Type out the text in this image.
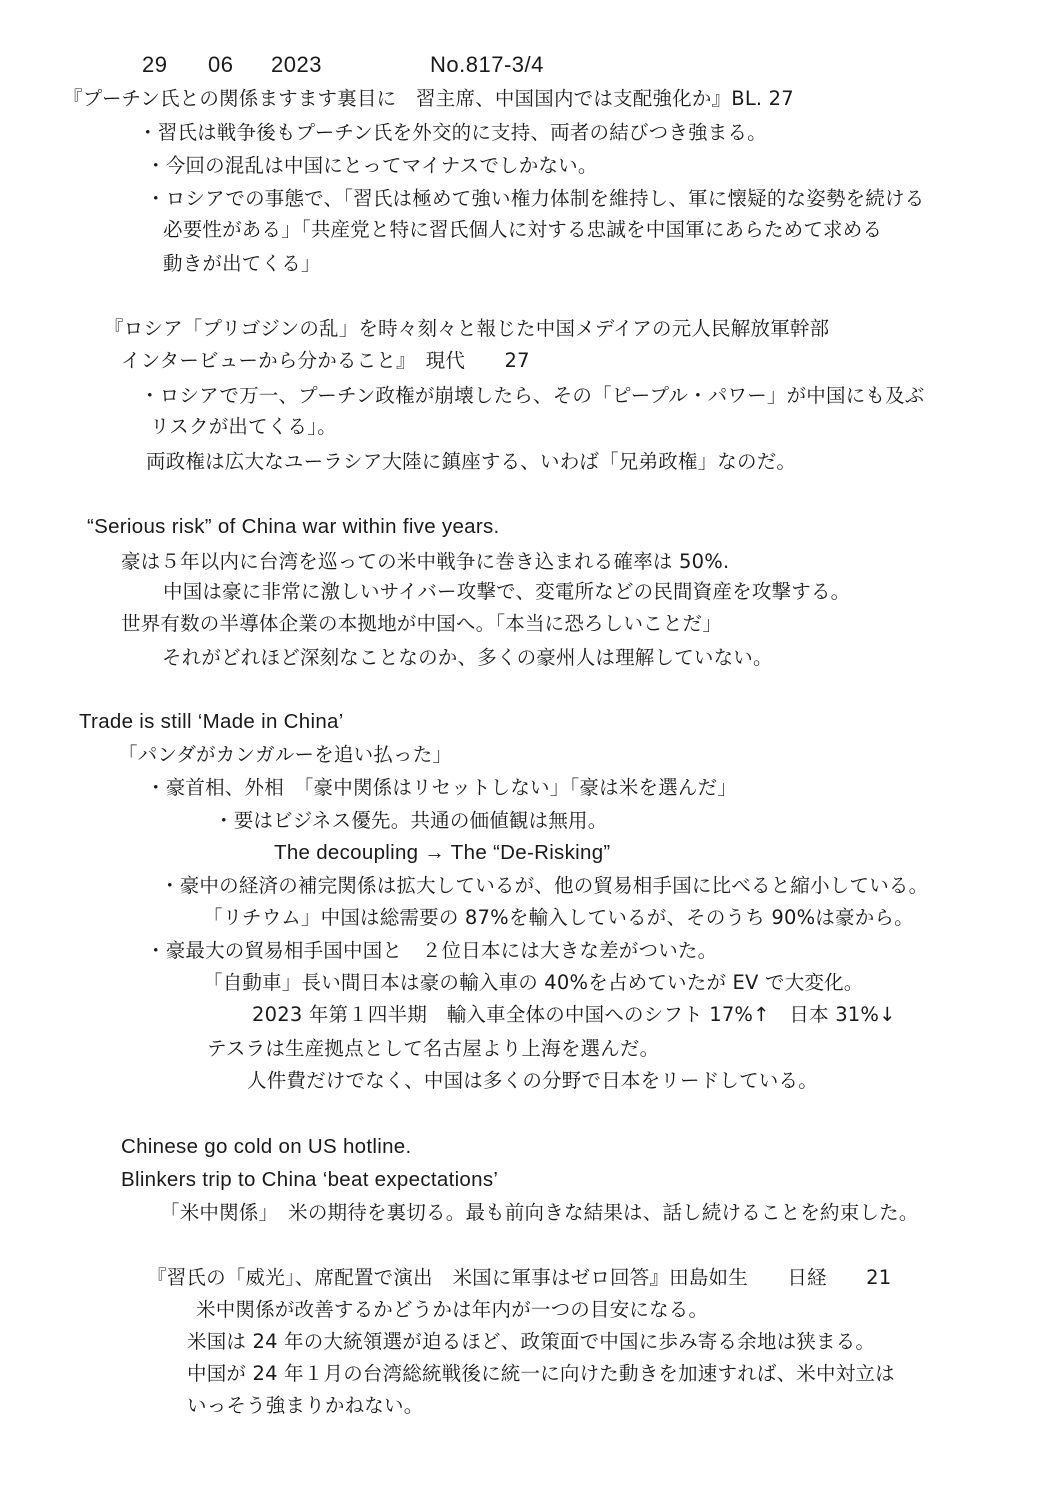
29 06 2023	No.817-3/4
『プーチン氏との関係ますます裏目に　習主席、中国国内では支配強化か』BL. 27
・習氏は戦争後もプーチン氏を外交的に支持、両者の結びつき強まる。
・今回の混乱は中国にとってマイナスでしかない。
・ロシアでの事態で、「習氏は極めて強い権力体制を維持し、軍に懐疑的な姿勢を続ける
必要性がある」「共産党と特に習氏個人に対する忠誠を中国軍にあらためて求める
動きが出てくる」
『ロシア「プリゴジンの乱」を時々刻々と報じた中国メデイアの元人民解放軍幹部
インタービューから分かること』　現代　　27
・ロシアで万一、プーチン政権が崩壊したら、その「ピープル・パワー」が中国にも及ぶ
リスクが出てくる」。
両政権は広大なユーラシア大陸に鎮座する、いわば「兄弟政権」なのだ。
“Serious risk” of China war within five years.
豪は５年以内に台湾を巡っての米中戦争に巻き込まれる確率は 50%.
中国は豪に非常に激しいサイバー攻撃で、変電所などの民間資産を攻撃する。
世界有数の半導体企業の本拠地が中国へ。「本当に恐ろしいことだ」
それがどれほど深刻なことなのか、多くの豪州人は理解していない。
Trade is still ‘Made in China’
「パンダがカンガルーを追い払った」
・豪首相、外相　「豪中関係はリセットしない」「豪は米を選んだ」
・要はビジネス優先。共通の価値観は無用。
The decoupling → The “De-Risking”
・豪中の経済の補完関係は拡大しているが、他の貿易相手国に比べると縮小している。
「リチウム」中国は総需要の 87%を輸入しているが、そのうち 90%は豪から。
・豪最大の貿易相手国中国と　２位日本には大きな差がついた。
「自動車」長い間日本は豪の輸入車の 40%を占めていたが EV で大変化。
2023 年第１四半期　輸入車全体の中国へのシフト 17%↑　日本 31%↓
テスラは生産拠点として名古屋より上海を選んだ。
人件費だけでなく、中国は多くの分野で日本をリードしている。
Chinese go cold on US hotline.
Blinkers trip to China ‘beat expectations’
「米中関係」　米の期待を裏切る。最も前向きな結果は、話し続けることを約束した。
『習氏の「威光」、席配置で演出　米国に軍事はゼロ回答』田島如生　　日経　　21
米中関係が改善するかどうかは年内が一つの目安になる。
米国は 24 年の大統領選が迫るほど、政策面で中国に歩み寄る余地は狭まる。
中国が 24 年１月の台湾総統戦後に統一に向けた動きを加速すれば、米中対立は
いっそう強まりかねない。
